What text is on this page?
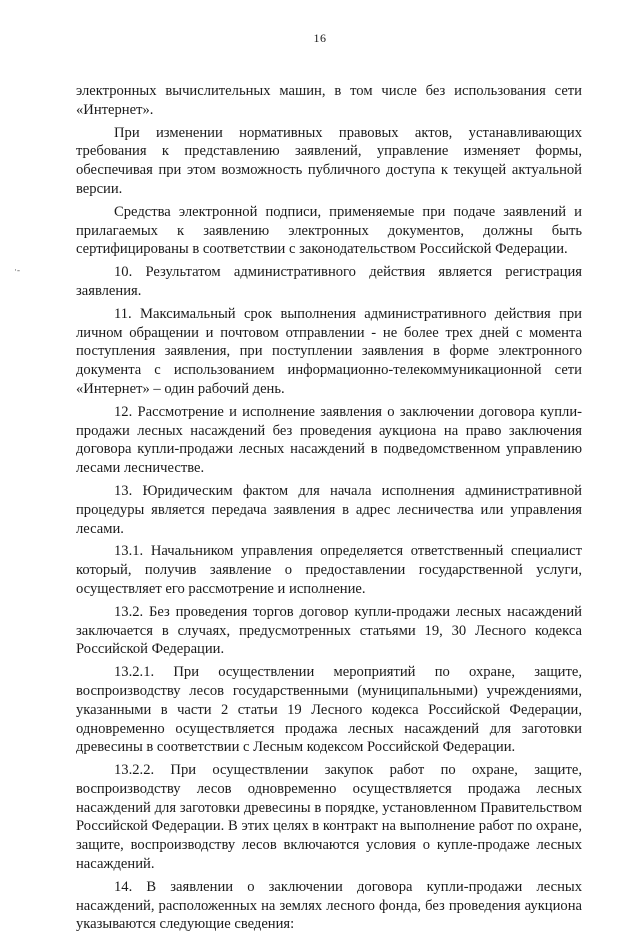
16
·-

электронных вычислительных машин, в том числе без использования сети «Интернет».

При изменении нормативных правовых актов, устанавливающих требования к представлению заявлений, управление изменяет формы, обеспечивая при этом возможность публичного доступа к текущей актуальной версии.

Средства электронной подписи, применяемые при подаче заявлений и прилагаемых к заявлению электронных документов, должны быть сертифицированы в соответствии с законодательством Российской Федерации.

10. Результатом административного действия является регистрация заявления.

11. Максимальный срок выполнения административного действия при личном обращении и почтовом отправлении - не более трех дней с момента поступления заявления, при поступлении заявления в форме электронного документа с использованием информационно-телекоммуникационной сети «Интернет» – один рабочий день.

12. Рассмотрение и исполнение заявления о заключении договора купли-продажи лесных насаждений без проведения аукциона на право заключения договора купли-продажи лесных насаждений в подведомственном управлению лесами лесничестве.

13. Юридическим фактом для начала исполнения административной процедуры является передача заявления в адрес лесничества или управления лесами.

13.1. Начальником управления определяется ответственный специалист который, получив заявление о предоставлении государственной услуги, осуществляет его рассмотрение и исполнение.

13.2. Без проведения торгов договор купли-продажи лесных насаждений заключается в случаях, предусмотренных статьями 19, 30 Лесного кодекса Российской Федерации.

13.2.1. При осуществлении мероприятий по охране, защите, воспроизводству лесов государственными (муниципальными) учреждениями, указанными в части 2 статьи 19 Лесного кодекса Российской Федерации, одновременно осуществляется продажа лесных насаждений для заготовки древесины в соответствии с Лесным кодексом Российской Федерации.

13.2.2. При осуществлении закупок работ по охране, защите, воспроизводству лесов одновременно осуществляется продажа лесных насаждений для заготовки древесины в порядке, установленном Правительством Российской Федерации. В этих целях в контракт на выполнение работ по охране, защите, воспроизводству лесов включаются условия о купле-продаже лесных насаждений.

14. В заявлении о заключении договора купли-продажи лесных насаждений, расположенных на землях лесного фонда, без проведения аукциона указываются следующие сведения:
